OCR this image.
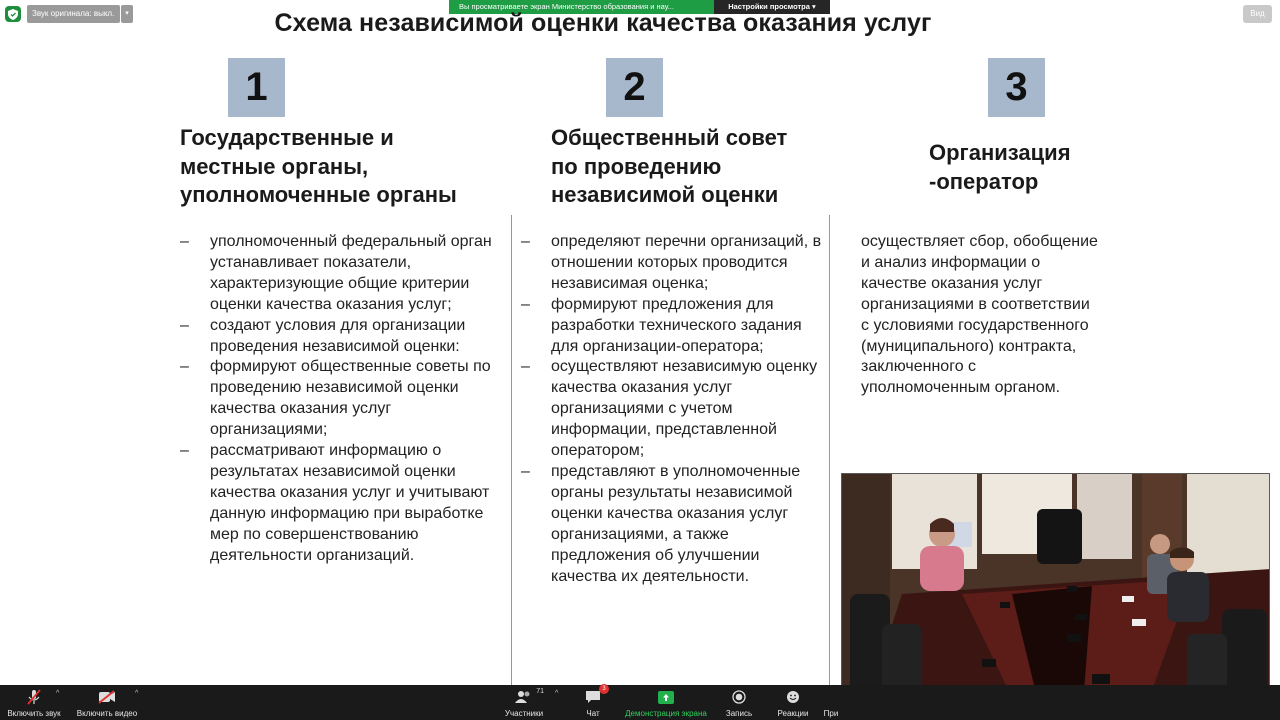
Звук оригинала: выкл.	▾
Вы просматриваете экран Министерство образования и нау...	Настройки просмотра ▾
Вид
Схема независимой оценки качества оказания услуг
1	2	3
Государственные и
местные органы,
уполномоченные органы
Общественный совет
по проведению
независимой оценки
Организация
-оператор
–	уполномоченный федеральный орган устанавливает показатели, характеризующие общие критерии оценки качества оказания услуг;
–	создают условия для организации проведения независимой оценки:
–	формируют общественные советы по проведению независимой оценки качества оказания услуг организациями;
–	рассматривают информацию о результатах независимой оценки качества оказания услуг и учитывают данную информацию при выработке мер по совершенствованию деятельности организаций.
–	определяют перечни организаций, в отношении которых проводится независимая оценка;
–	формируют предложения для разработки технического задания для организации-оператора;
–	осуществляют независимую оценку качества оказания услуг организациями с учетом информации, представленной оператором;
–	представляют в уполномоченные органы результаты независимой оценки качества оказания услуг организациями, а также предложения об улучшении качества их деятельности.
осуществляет сбор, обобщение и анализ информации о качестве оказания услуг организациями в соответствии с условиями государственного (муниципального) контракта, заключенного с уполномоченным органом.
Включить звук
^
Включить видео
^	71
Участники
^
3
Чат	Демонстрация экрана Запись	Реакции При
